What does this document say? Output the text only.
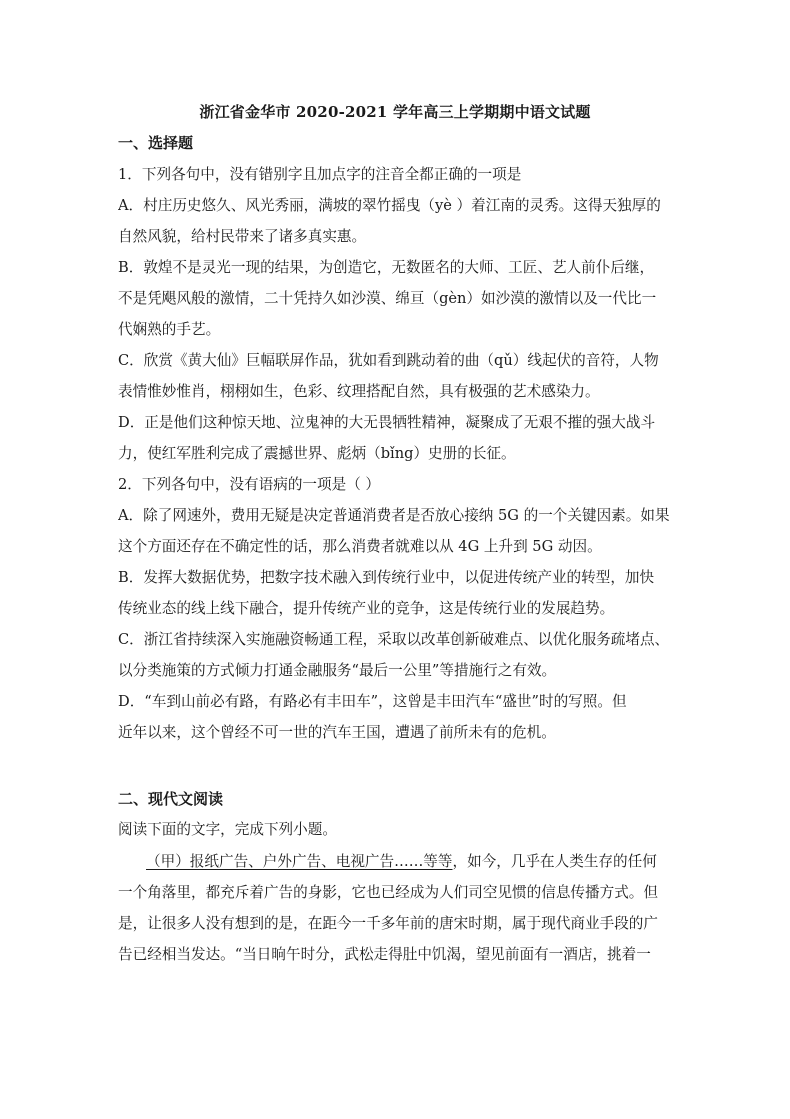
浙江省金华市 2020-2021 学年高三上学期期中语文试题
一、选择题
1．下列各句中，没有错别字且加点字的注音全都正确的一项是
A．村庄历史悠久、风光秀丽，满坡的翠竹摇曳（yè ）着江南的灵秀。这得天独厚的
自然风貌，给村民带来了诸多真实惠。
B．敦煌不是灵光一现的结果，为创造它，无数匿名的大师、工匠、艺人前仆后继，
不是凭飓风般的激情，二十凭持久如沙漠、绵亘（gèn）如沙漠的激情以及一代比一
代娴熟的手艺。
C．欣赏《黄大仙》巨幅联屏作品，犹如看到跳动着的曲（qǔ）线起伏的音符，人物
表情惟妙惟肖，栩栩如生，色彩、纹理搭配自然，具有极强的艺术感染力。
D．正是他们这种惊天地、泣鬼神的大无畏牺牲精神，凝聚成了无艰不摧的强大战斗
力，使红军胜利完成了震撼世界、彪炳（bǐng）史册的长征。
2．下列各句中，没有语病的一项是（ ）
A．除了网速外，费用无疑是决定普通消费者是否放心接纳 5G 的一个关键因素。如果
这个方面还存在不确定性的话，那么消费者就难以从 4G 上升到 5G 动因。
B．发挥大数据优势，把数字技术融入到传统行业中，以促进传统产业的转型，加快
传统业态的线上线下融合，提升传统产业的竞争，这是传统行业的发展趋势。
C．浙江省持续深入实施融资畅通工程，采取以改革创新破难点、以优化服务疏堵点、
以分类施策的方式倾力打通金融服务“最后一公里”等措施行之有效。
D．“车到山前必有路，有路必有丰田车”，这曾是丰田汽车“盛世”时的写照。但
近年以来，这个曾经不可一世的汽车王国，遭遇了前所未有的危机。
二、现代文阅读
阅读下面的文字，完成下列小题。
（甲）报纸广告、户外广告、电视广告……等等，如今，几乎在人类生存的任何
一个角落里，都充斥着广告的身影，它也已经成为人们司空见惯的信息传播方式。但
是，让很多人没有想到的是，在距今一千多年前的唐宋时期，属于现代商业手段的广
告已经相当发达。“当日晌午时分，武松走得肚中饥渴，望见前面有一酒店，挑着一
